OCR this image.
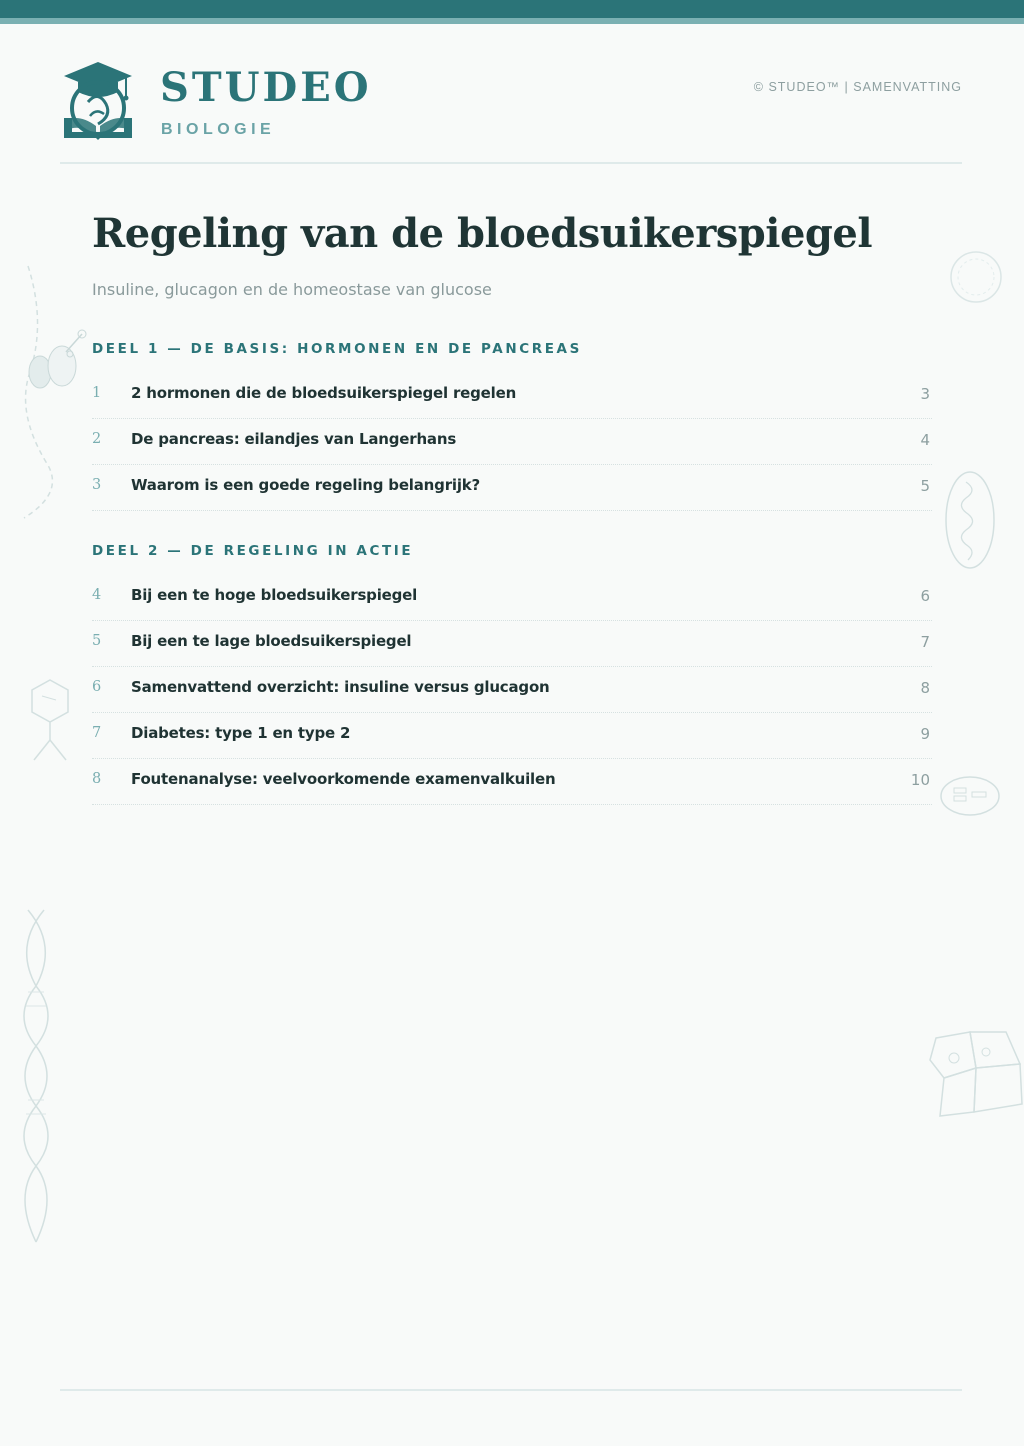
STUDEO
BIOLOGIE
© STUDEO™ | SAMENVATTING
Regeling van de bloedsuikerspiegel
Insuline, glucagon en de homeostase van glucose
DEEL 1 — DE BASIS: HORMONEN EN DE PANCREAS
1 2 hormonen die de bloedsuikerspiegel regelen	3
2 De pancreas: eilandjes van Langerhans	4
3 Waarom is een goede regeling belangrijk?	5
DEEL 2 — DE REGELING IN ACTIE
4 Bij een te hoge bloedsuikerspiegel	6
5 Bij een te lage bloedsuikerspiegel	7
6 Samenvattend overzicht: insuline versus glucagon	8
7 Diabetes: type 1 en type 2	9
8 Foutenanalyse: veelvoorkomende examenvalkuilen	10
